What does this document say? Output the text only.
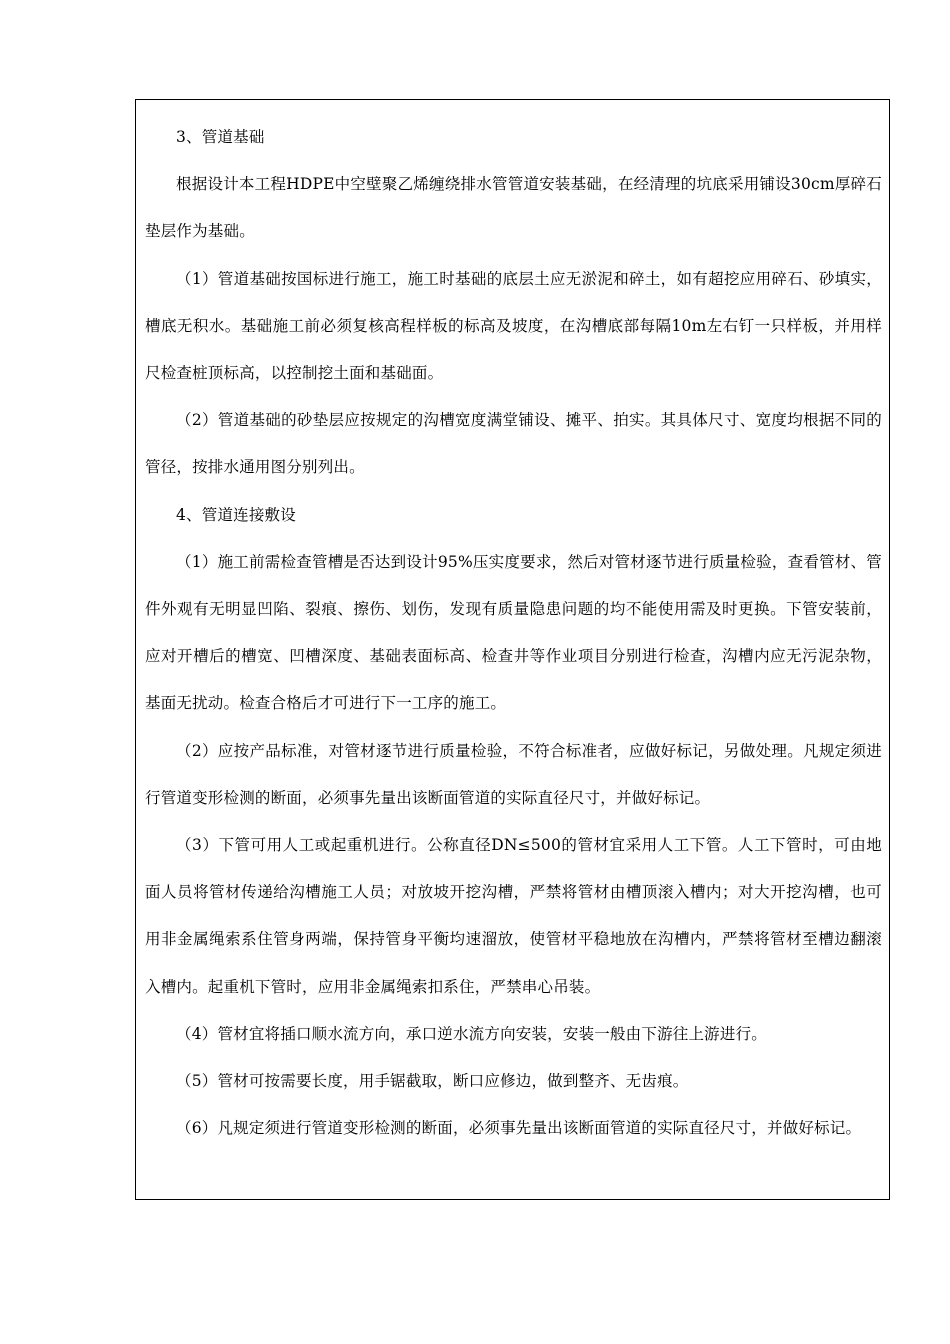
3、管道基础

根据设计本工程HDPE中空壁聚乙烯缠绕排水管管道安装基础，在经清理的坑底采用铺设30cm厚碎石垫层作为基础。

（1）管道基础按国标进行施工，施工时基础的底层土应无淤泥和碎土，如有超挖应用碎石、砂填实，槽底无积水。基础施工前必须复核高程样板的标高及坡度，在沟槽底部每隔10m左右钉一只样板，并用样尺检查桩顶标高，以控制挖土面和基础面。

（2）管道基础的砂垫层应按规定的沟槽宽度满堂铺设、摊平、拍实。其具体尺寸、宽度均根据不同的管径，按排水通用图分别列出。

4、管道连接敷设

（1）施工前需检查管槽是否达到设计95%压实度要求，然后对管材逐节进行质量检验，查看管材、管件外观有无明显凹陷、裂痕、擦伤、划伤，发现有质量隐患问题的均不能使用需及时更换。下管安装前，应对开槽后的槽宽、凹槽深度、基础表面标高、检查井等作业项目分别进行检查，沟槽内应无污泥杂物，基面无扰动。检查合格后才可进行下一工序的施工。

（2）应按产品标准，对管材逐节进行质量检验，不符合标准者，应做好标记，另做处理。凡规定须进行管道变形检测的断面，必须事先量出该断面管道的实际直径尺寸，并做好标记。

（3）下管可用人工或起重机进行。公称直径DN≤500的管材宜采用人工下管。人工下管时，可由地面人员将管材传递给沟槽施工人员；对放坡开挖沟槽，严禁将管材由槽顶滚入槽内；对大开挖沟槽，也可用非金属绳索系住管身两端，保持管身平衡均速溜放，使管材平稳地放在沟槽内，严禁将管材至槽边翻滚入槽内。起重机下管时，应用非金属绳索扣系住，严禁串心吊装。

（4）管材宜将插口顺水流方向，承口逆水流方向安装，安装一般由下游往上游进行。

（5）管材可按需要长度，用手锯截取，断口应修边，做到整齐、无齿痕。

（6）凡规定须进行管道变形检测的断面，必须事先量出该断面管道的实际直径尺寸，并做好标记。
